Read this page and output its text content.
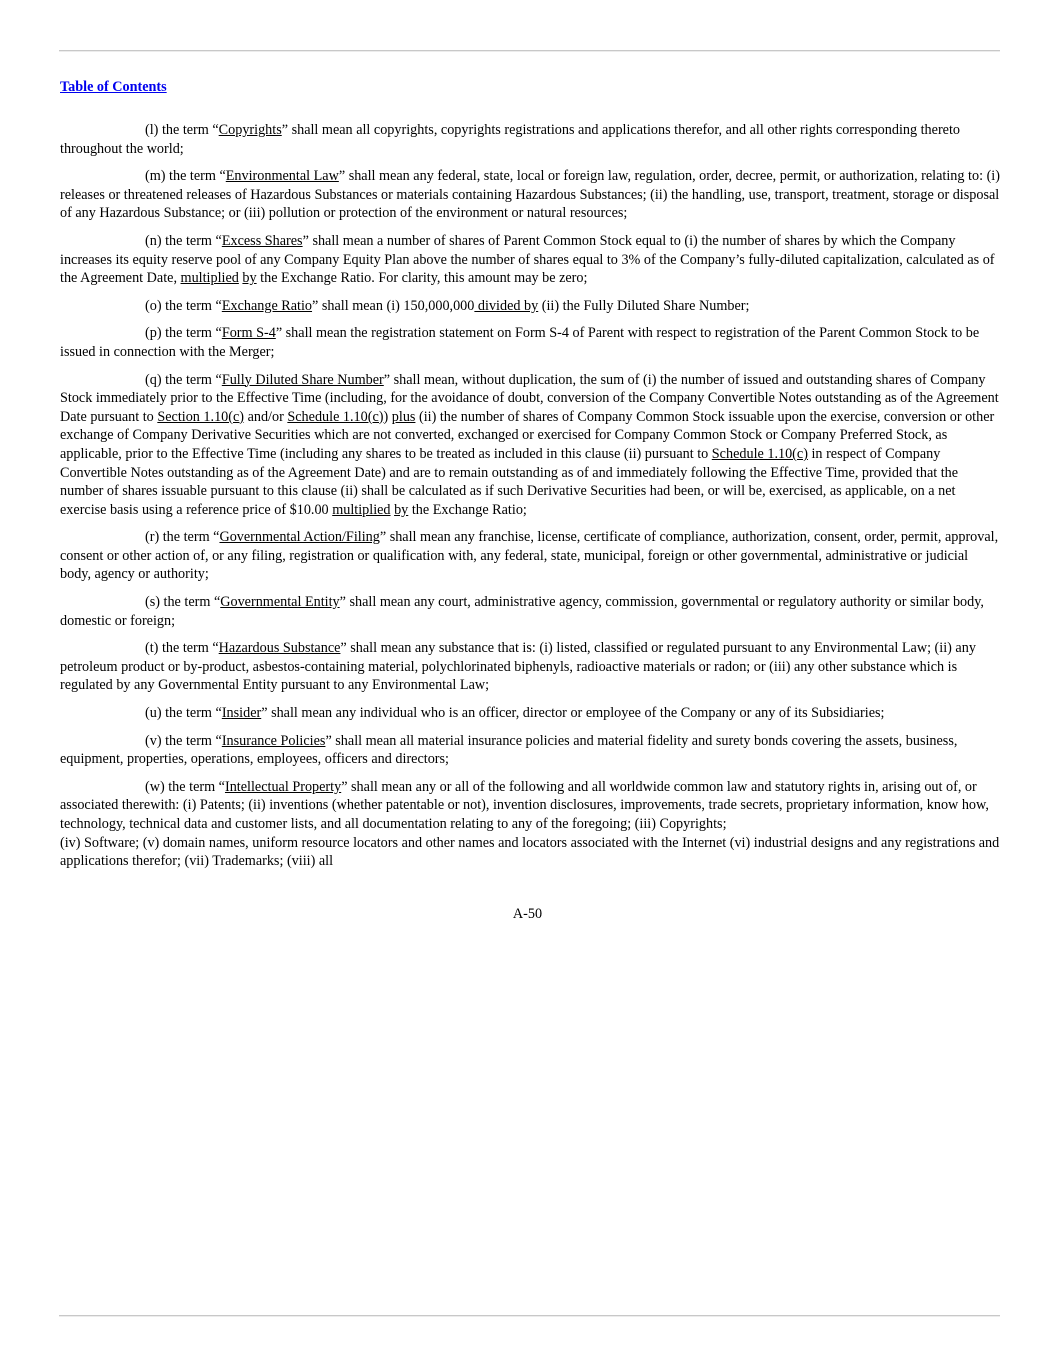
Table of Contents

(l) the term “Copyrights” shall mean all copyrights, copyrights registrations and applications therefor, and all other rights corresponding thereto throughout the world;

(m) the term “Environmental Law” shall mean any federal, state, local or foreign law, regulation, order, decree, permit, or authorization, relating to: (i) releases or threatened releases of Hazardous Substances or materials containing Hazardous Substances; (ii) the handling, use, transport, treatment, storage or disposal of any Hazardous Substance; or (iii) pollution or protection of the environment or natural resources;

(n) the term “Excess Shares” shall mean a number of shares of Parent Common Stock equal to (i) the number of shares by which the Company increases its equity reserve pool of any Company Equity Plan above the number of shares equal to 3% of the Company’s fully-diluted capitalization, calculated as of the Agreement Date, multiplied by the Exchange Ratio. For clarity, this amount may be zero;

(o) the term “Exchange Ratio” shall mean (i) 150,000,000 divided by (ii) the Fully Diluted Share Number;

(p) the term “Form S-4” shall mean the registration statement on Form S-4 of Parent with respect to registration of the Parent Common Stock to be issued in connection with the Merger;

(q) the term “Fully Diluted Share Number” shall mean, without duplication, the sum of (i) the number of issued and outstanding shares of Company Stock immediately prior to the Effective Time (including, for the avoidance of doubt, conversion of the Company Convertible Notes outstanding as of the Agreement Date pursuant to Section 1.10(c) and/or Schedule 1.10(c)) plus (ii) the number of shares of Company Common Stock issuable upon the exercise, conversion or other exchange of Company Derivative Securities which are not converted, exchanged or exercised for Company Common Stock or Company Preferred Stock, as applicable, prior to the Effective Time (including any shares to be treated as included in this clause (ii) pursuant to Schedule 1.10(c) in respect of Company Convertible Notes outstanding as of the Agreement Date) and are to remain outstanding as of and immediately following the Effective Time, provided that the number of shares issuable pursuant to this clause (ii) shall be calculated as if such Derivative Securities had been, or will be, exercised, as applicable, on a net exercise basis using a reference price of $10.00 multiplied by the Exchange Ratio;

(r) the term “Governmental Action/Filing” shall mean any franchise, license, certificate of compliance, authorization, consent, order, permit, approval, consent or other action of, or any filing, registration or qualification with, any federal, state, municipal, foreign or other governmental, administrative or judicial body, agency or authority;

(s) the term “Governmental Entity” shall mean any court, administrative agency, commission, governmental or regulatory authority or similar body, domestic or foreign;

(t) the term “Hazardous Substance” shall mean any substance that is: (i) listed, classified or regulated pursuant to any Environmental Law; (ii) any petroleum product or by-product, asbestos-containing material, polychlorinated biphenyls, radioactive materials or radon; or (iii) any other substance which is regulated by any Governmental Entity pursuant to any Environmental Law;

(u) the term “Insider” shall mean any individual who is an officer, director or employee of the Company or any of its Subsidiaries;

(v) the term “Insurance Policies” shall mean all material insurance policies and material fidelity and surety bonds covering the assets, business, equipment, properties, operations, employees, officers and directors;

(w) the term “Intellectual Property” shall mean any or all of the following and all worldwide common law and statutory rights in, arising out of, or associated therewith: (i) Patents; (ii) inventions (whether patentable or not), invention disclosures, improvements, trade secrets, proprietary information, know how, technology, technical data and customer lists, and all documentation relating to any of the foregoing; (iii) Copyrights;
(iv) Software; (v) domain names, uniform resource locators and other names and locators associated with the Internet (vi) industrial designs and any registrations and applications therefor; (vii) Trademarks; (viii) all

A-50
